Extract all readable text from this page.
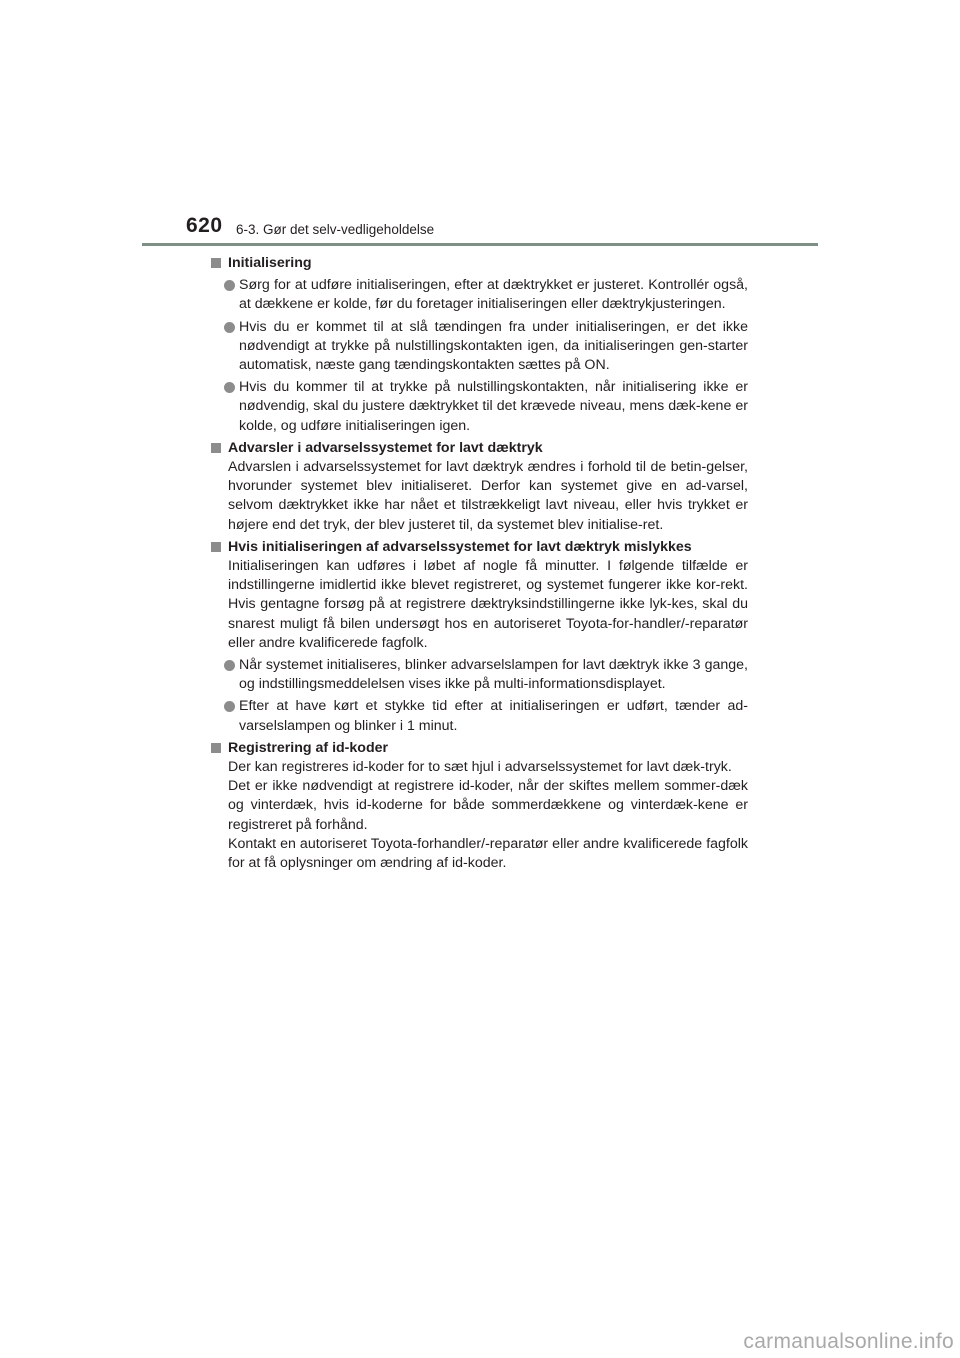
620 6-3. Gør det selv-vedligeholdelse
Initialisering
Sørg for at udføre initialiseringen, efter at dæktrykket er justeret. Kontrollér også, at dækkene er kolde, før du foretager initialiseringen eller dæktrykjusteringen.
Hvis du er kommet til at slå tændingen fra under initialiseringen, er det ikke nødvendigt at trykke på nulstillingskontakten igen, da initialiseringen gen-starter automatisk, næste gang tændingskontakten sættes på ON.
Hvis du kommer til at trykke på nulstillingskontakten, når initialisering ikke er nødvendig, skal du justere dæktrykket til det krævede niveau, mens dæk-kene er kolde, og udføre initialiseringen igen.
Advarsler i advarselssystemet for lavt dæktryk
Advarslen i advarselssystemet for lavt dæktryk ændres i forhold til de betin-gelser, hvorunder systemet blev initialiseret. Derfor kan systemet give en ad-varsel, selvom dæktrykket ikke har nået et tilstrækkeligt lavt niveau, eller hvis trykket er højere end det tryk, der blev justeret til, da systemet blev initialise-ret.
Hvis initialiseringen af advarselssystemet for lavt dæktryk mislykkes
Initialiseringen kan udføres i løbet af nogle få minutter. I følgende tilfælde er indstillingerne imidlertid ikke blevet registreret, og systemet fungerer ikke kor-rekt. Hvis gentagne forsøg på at registrere dæktryksindstillingerne ikke lyk-kes, skal du snarest muligt få bilen undersøgt hos en autoriseret Toyota-for-handler/-reparatør eller andre kvalificerede fagfolk.
Når systemet initialiseres, blinker advarselslampen for lavt dæktryk ikke 3 gange, og indstillingsmeddelelsen vises ikke på multi-informationsdisplayet.
Efter at have kørt et stykke tid efter at initialiseringen er udført, tænder ad-varselslampen og blinker i 1 minut.
Registrering af id-koder
Der kan registreres id-koder for to sæt hjul i advarselssystemet for lavt dæk-tryk.
Det er ikke nødvendigt at registrere id-koder, når der skiftes mellem sommer-dæk og vinterdæk, hvis id-koderne for både sommerdækkene og vinterdæk-kene er registreret på forhånd.
Kontakt en autoriseret Toyota-forhandler/-reparatør eller andre kvalificerede fagfolk for at få oplysninger om ændring af id-koder.
carmanualsonline.info
